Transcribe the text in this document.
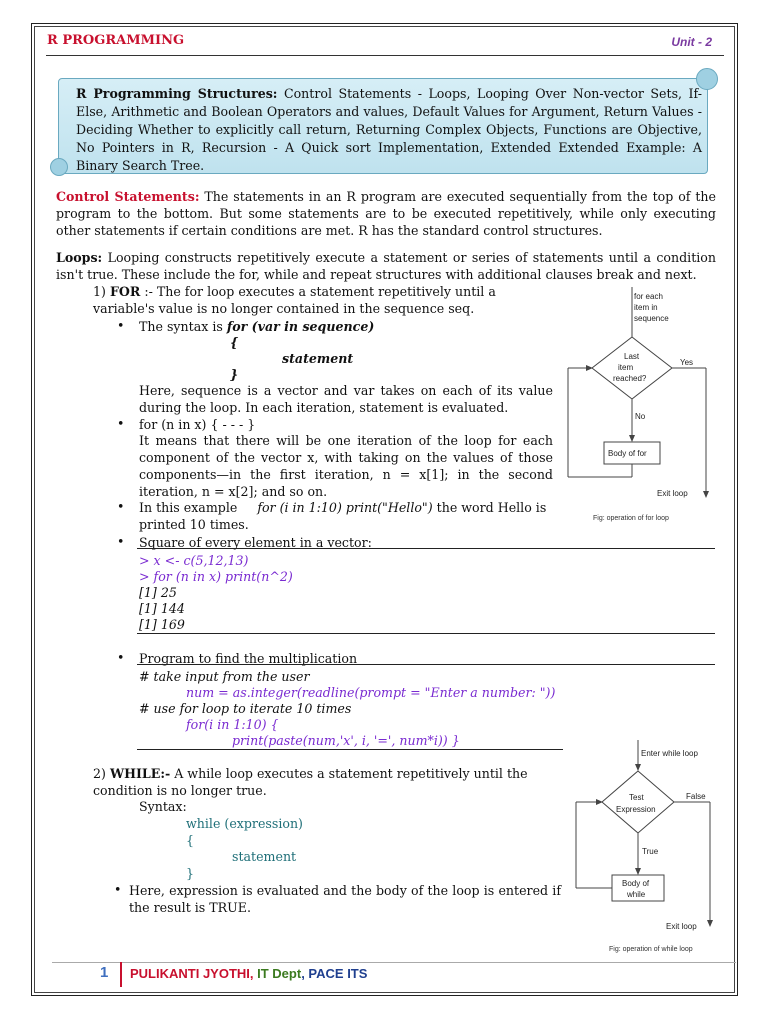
R PROGRAMMING	Unit - 2
R Programming Structures: Control Statements - Loops, Looping Over Non-vector Sets, If-Else, Arithmetic and Boolean Operators and values, Default Values for Argument, Return Values - Deciding Whether to explicitly call return, Returning Complex Objects, Functions are Objective, No Pointers in R, Recursion - A Quick sort Implementation, Extended Extended Example: A Binary Search Tree.
Control Statements: The statements in an R program are executed sequentially from the top of the program to the bottom. But some statements are to be executed repetitively, while only executing other statements if certain conditions are met. R has the standard control structures.
Loops: Looping constructs repetitively execute a statement or series of statements until a condition isn't true. These include the for, while and repeat structures with additional clauses break and next.
1) FOR :- The for loop executes a statement repetitively until a variable's value is no longer contained in the sequence seq.
• The syntax is for (var in sequence)
{
statement
}
Here, sequence is a vector and var takes on each of its value during the loop. In each iteration, statement is evaluated.
• for (n in x) { - - - }
It means that there will be one iteration of the loop for each component of the vector x, with taking on the values of those components—in the first iteration, n = x[1]; in the second iteration, n = x[2]; and so on.
• In this example for (i in 1:10) print("Hello") the word Hello is printed 10 times.
• Square of every element in a vector:
> x <- c(5,12,13)
> for (n in x) print(n^2)
[1] 25
[1] 144
[1] 169
• Program to find the multiplication
# take input from the user
num = as.integer(readline(prompt = "Enter a number: "))
# use for loop to iterate 10 times
for(i in 1:10) {
print(paste(num,'x', i, '=', num*i)) }
2) WHILE:- A while loop executes a statement repetitively until the condition is no longer true.
Syntax:
while (expression)
{
statement
}
• Here, expression is evaluated and the body of the loop is entered if the result is TRUE.
for each
item in
sequence
Last
item
reached?
Yes
No
Body of for
Exit loop
Fig: operation of for loop
Enter while loop
Test
Expression
False
True
Body of
while
Exit loop
Fig: operation of while loop
1 PULIKANTI JYOTHI, IT Dept, PACE ITS
